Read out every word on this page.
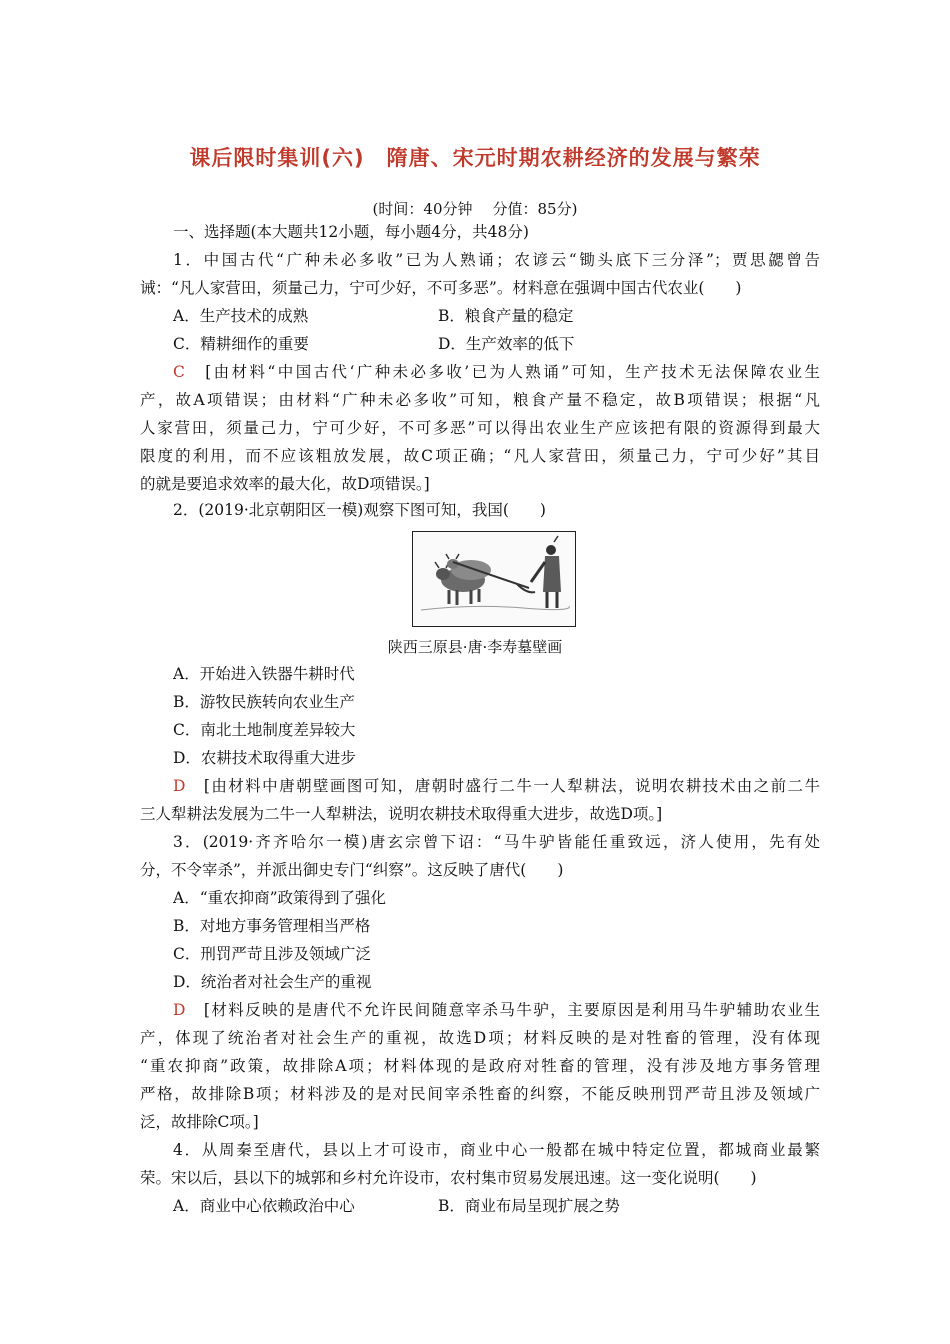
课后限时集训(六) 隋唐、宋元时期农耕经济的发展与繁荣
(时间：40分钟 分值：85分)
一、选择题(本大题共12小题，每小题4分，共48分)
1．中国古代“广种未必多收”已为人熟诵；农谚云“锄头底下三分泽”；贾思勰曾告
诫：“凡人家营田，须量己力，宁可少好，不可多恶”。材料意在强调中国古代农业(　　)
A．生产技术的成熟	B．粮食产量的稳定
C．精耕细作的重要	D．生产效率的低下
C　 [由材料“中国古代‘广种未必多收’已为人熟诵”可知，生产技术无法保障农业生
产，故A项错误；由材料“广种未必多收”可知，粮食产量不稳定，故B项错误；根据“凡
人家营田，须量己力，宁可少好，不可多恶”可以得出农业生产应该把有限的资源得到最大
限度的利用，而不应该粗放发展，故C项正确；“凡人家营田，须量己力，宁可少好”其目
的就是要追求效率的最大化，故D项错误。]
2．(2019·北京朝阳区一模)观察下图可知，我国(　　)
陕西三原县·唐·李寿墓壁画
A．开始进入铁器牛耕时代
B．游牧民族转向农业生产
C．南北土地制度差异较大
D．农耕技术取得重大进步
D　 [由材料中唐朝壁画图可知，唐朝时盛行二牛一人犁耕法，说明农耕技术由之前二牛
三人犁耕法发展为二牛一人犁耕法，说明农耕技术取得重大进步，故选D项。]
3．(2019·齐齐哈尔一模)唐玄宗曾下诏：“马牛驴皆能任重致远，济人使用，先有处
分，不令宰杀”，并派出御史专门“纠察”。这反映了唐代(　　)
A．“重农抑商”政策得到了强化
B．对地方事务管理相当严格
C．刑罚严苛且涉及领域广泛
D．统治者对社会生产的重视
D　 [材料反映的是唐代不允许民间随意宰杀马牛驴，主要原因是利用马牛驴辅助农业生
产，体现了统治者对社会生产的重视，故选D项；材料反映的是对牲畜的管理，没有体现
“重农抑商”政策，故排除A项；材料体现的是政府对牲畜的管理，没有涉及地方事务管理
严格，故排除B项；材料涉及的是对民间宰杀牲畜的纠察，不能反映刑罚严苛且涉及领域广
泛，故排除C项。]
4．从周秦至唐代，县以上才可设市，商业中心一般都在城中特定位置，都城商业最繁
荣。宋以后，县以下的城郭和乡村允许设市，农村集市贸易发展迅速。这一变化说明(　　)
A．商业中心依赖政治中心	B．商业布局呈现扩展之势
